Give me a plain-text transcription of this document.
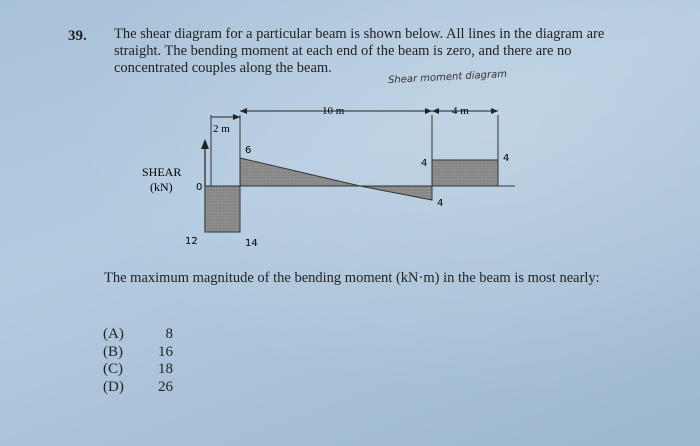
39. The shear diagram for a particular beam is shown below. All lines in the diagram are straight. The bending moment at each end of the beam is zero, and there are no concentrated couples along the beam.
Shear moment diagram
SHEAR
(kN) 0
2 m
10 m	4 m
12
6
14
4
4	4
The maximum magnitude of the bending moment (kN·m) in the beam is most nearly:
(A)	8
(B)	16
(C)	18
(D)	26
